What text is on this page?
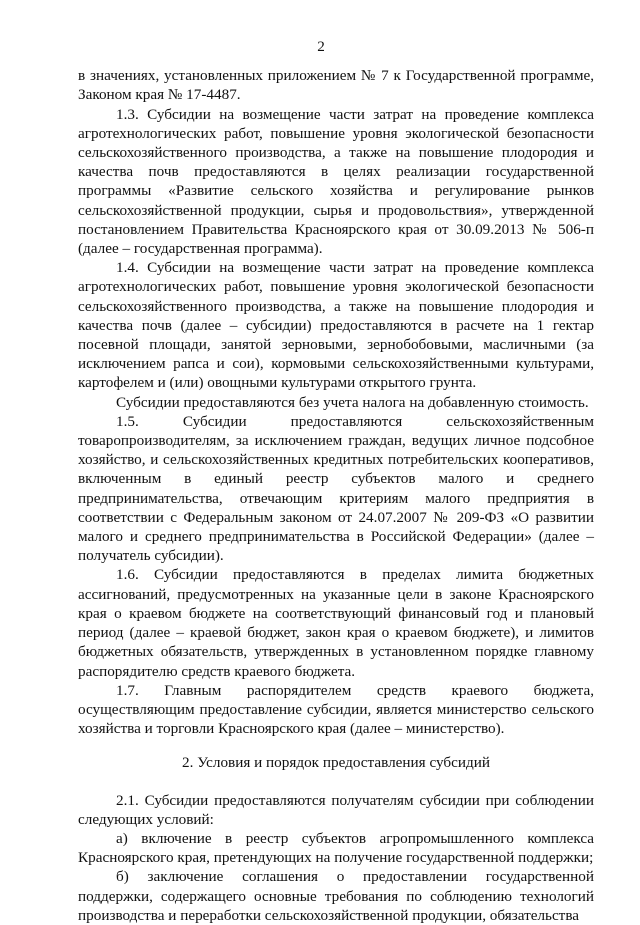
2

в значениях, установленных приложением № 7 к Государственной программе, Законом края № 17-4487.

1.3. Субсидии на возмещение части затрат на проведение комплекса агротехнологических работ, повышение уровня экологической безопасности сельскохозяйственного производства, а также на повышение плодородия и качества почв предоставляются в целях реализации государственной программы «Развитие сельского хозяйства и регулирование рынков сельскохозяйственной продукции, сырья и продовольствия», утвержденной постановлением Правительства Красноярского края от 30.09.2013 № 506-п (далее – государственная программа).

1.4. Субсидии на возмещение части затрат на проведение комплекса агротехнологических работ, повышение уровня экологической безопасности сельскохозяйственного производства, а также на повышение плодородия и качества почв (далее – субсидии) предоставляются в расчете на 1 гектар посевной площади, занятой зерновыми, зернобобовыми, масличными (за исключением рапса и сои), кормовыми сельскохозяйственными культурами, картофелем и (или) овощными культурами открытого грунта.

Субсидии предоставляются без учета налога на добавленную стоимость.

1.5. Субсидии предоставляются сельскохозяйственным товаропроизводителям, за исключением граждан, ведущих личное подсобное хозяйство, и сельскохозяйственных кредитных потребительских кооперативов, включенным в единый реестр субъектов малого и среднего предпринимательства, отвечающим критериям малого предприятия в соответствии с Федеральным законом от 24.07.2007 № 209-ФЗ «О развитии малого и среднего предпринимательства в Российской Федерации» (далее – получатель субсидии).

1.6. Субсидии предоставляются в пределах лимита бюджетных ассигнований, предусмотренных на указанные цели в законе Красноярского края о краевом бюджете на соответствующий финансовый год и плановый период (далее – краевой бюджет, закон края о краевом бюджете), и лимитов бюджетных обязательств, утвержденных в установленном порядке главному распорядителю средств краевого бюджета.

1.7. Главным распорядителем средств краевого бюджета, осуществляющим предоставление субсидии, является министерство сельского хозяйства и торговли Красноярского края (далее – министерство).

2. Условия и порядок предоставления субсидий

2.1. Субсидии предоставляются получателям субсидии при соблюдении следующих условий:

а) включение в реестр субъектов агропромышленного комплекса Красноярского края, претендующих на получение государственной поддержки;

б) заключение соглашения о предоставлении государственной поддержки, содержащего основные требования по соблюдению технологий производства и переработки сельскохозяйственной продукции, обязательства
